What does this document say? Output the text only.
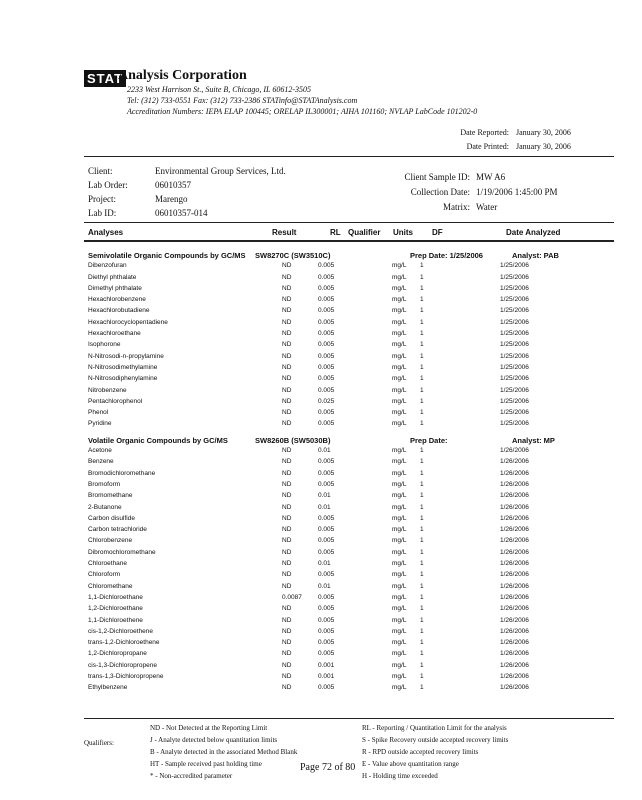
STAT
Analysis Corporation
2233 West Harrison St., Suite B, Chicago, IL 60612-3505
Tel: (312) 733-0551 Fax: (312) 733-2386 STATinfo@STATAnalysis.com
Accreditation Numbers: IEPA ELAP 100445; ORELAP IL300001; AIHA 101160; NVLAP LabCode 101202-0
Date Reported: January 30, 2006
Date Printed: January 30, 2006
Client:	Environmental Group Services, Ltd.
Lab Order:	06010357
Project:	Marengo
Lab ID:	06010357-014
Client Sample ID: MW A6
Collection Date: 1/19/2006 1:45:00 PM
Matrix: Water
Analyses	Result	RL Qualifier Units DF	Date Analyzed
Semivolatile Organic Compounds by GC/MS SW8270C (SW3510C)	Prep Date: 1/25/2006	Analyst: PAB
Dibenzofuran	ND	0.005	mg/L 1	1/25/2006
Diethyl phthalate	ND	0.005	mg/L 1	1/25/2006
Dimethyl phthalate	ND	0.005	mg/L 1	1/25/2006
Hexachlorobenzene	ND	0.005	mg/L 1	1/25/2006
Hexachlorobutadiene	ND	0.005	mg/L 1	1/25/2006
Hexachlorocyclopentadiene	ND	0.005	mg/L 1	1/25/2006
Hexachloroethane	ND	0.005	mg/L 1	1/25/2006
Isophorone	ND	0.005	mg/L 1	1/25/2006
N-Nitrosodi-n-propylamine	ND	0.005	mg/L 1	1/25/2006
N-Nitrosodimethylamine	ND	0.005	mg/L 1	1/25/2006
N-Nitrosodiphenylamine	ND	0.005	mg/L 1	1/25/2006
Nitrobenzene	ND	0.005	mg/L 1	1/25/2006
Pentachlorophenol	ND	0.025	mg/L 1	1/25/2006
Phenol	ND	0.005	mg/L 1	1/25/2006
Pyridine	ND	0.005	mg/L 1	1/25/2006
Volatile Organic Compounds by GC/MS	SW8260B (SW5030B)	Prep Date:	Analyst: MP
Acetone	ND	0.01	mg/L 1	1/26/2006
Benzene	ND	0.005	mg/L 1	1/26/2006
Bromodichloromethane	ND	0.005	mg/L 1	1/26/2006
Bromoform	ND	0.005	mg/L 1	1/26/2006
Bromomethane	ND	0.01	mg/L 1	1/26/2006
2-Butanone	ND	0.01	mg/L 1	1/26/2006
Carbon disulfide	ND	0.005	mg/L 1	1/26/2006
Carbon tetrachloride	ND	0.005	mg/L 1	1/26/2006
Chlorobenzene	ND	0.005	mg/L 1	1/26/2006
Dibromochloromethane	ND	0.005	mg/L 1	1/26/2006
Chloroethane	ND	0.01	mg/L 1	1/26/2006
Chloroform	ND	0.005	mg/L 1	1/26/2006
Chloromethane	ND	0.01	mg/L 1	1/26/2006
1,1-Dichloroethane	0.0087 0.005	mg/L 1	1/26/2006
1,2-Dichloroethane	ND	0.005	mg/L 1	1/26/2006
1,1-Dichloroethene	ND	0.005	mg/L 1	1/26/2006
cis-1,2-Dichloroethene	ND	0.005	mg/L 1	1/26/2006
trans-1,2-Dichloroethene	ND	0.005	mg/L 1	1/26/2006
1,2-Dichloropropane	ND	0.005	mg/L 1	1/26/2006
cis-1,3-Dichloropropene	ND	0.001	mg/L 1	1/26/2006
trans-1,3-Dichloropropene	ND	0.001	mg/L 1	1/26/2006
Ethylbenzene	ND	0.005	mg/L 1	1/26/2006
Qualifiers:
ND - Not Detected at the Reporting Limit
J - Analyte detected below quantitation limits
B - Analyte detected in the associated Method Blank
HT - Sample received past holding time
* - Non-accredited parameter
RL - Reporting / Quantitation Limit for the analysis
S - Spike Recovery outside accepted recovery limits
R - RPD outside accepted recovery limits
E - Value above quantitation range
H - Holding time exceeded
Page 72 of 80
